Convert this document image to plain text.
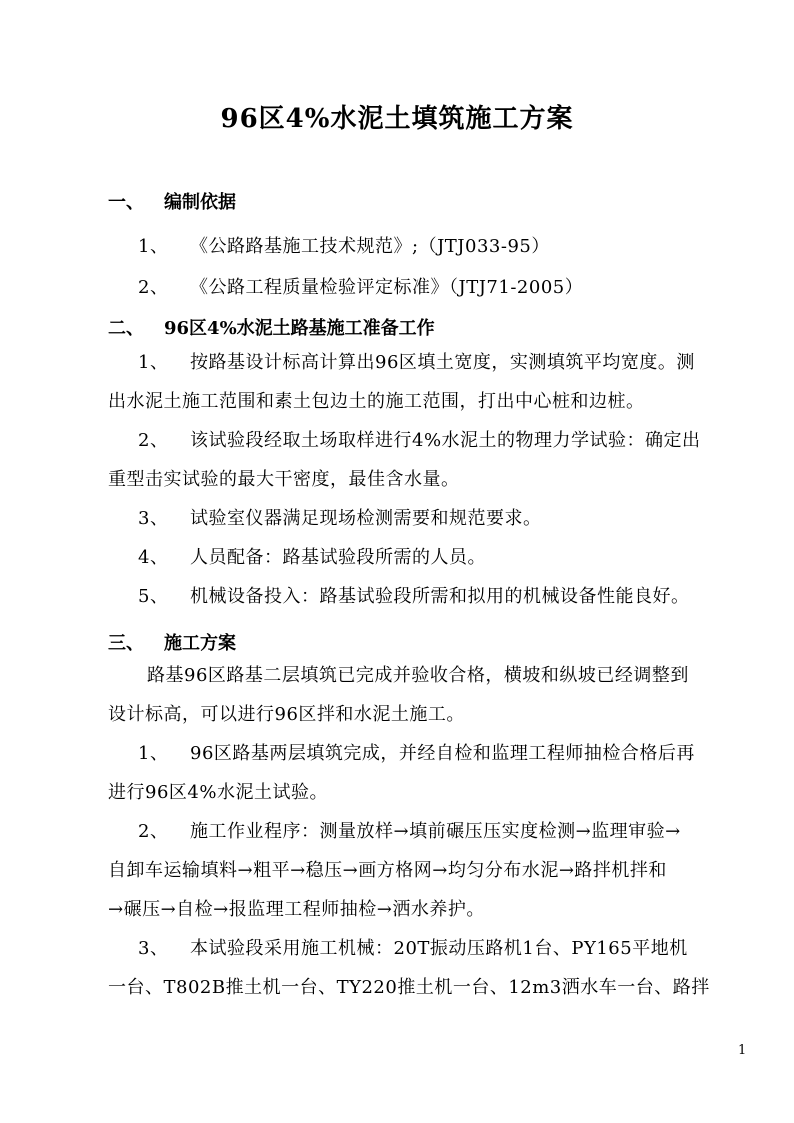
96区4%水泥土填筑施工方案
一、 编制依据
1、 《公路路基施工技术规范》;（JTJ033-95）
2、 《公路工程质量检验评定标准》（JTJ71-2005）
二、 96区4%水泥土路基施工准备工作
1、 按路基设计标高计算出96区填土宽度，实测填筑平均宽度。测
出水泥土施工范围和素土包边土的施工范围，打出中心桩和边桩。
2、 该试验段经取土场取样进行4%水泥土的物理力学试验：确定出
重型击实试验的最大干密度，最佳含水量。
3、 试验室仪器满足现场检测需要和规范要求。
4、 人员配备：路基试验段所需的人员。
5、 机械设备投入：路基试验段所需和拟用的机械设备性能良好。
三、 施工方案
路基96区路基二层填筑已完成并验收合格，横坡和纵坡已经调整到
设计标高，可以进行96区拌和水泥土施工。
1、 96区路基两层填筑完成，并经自检和监理工程师抽检合格后再
进行96区4%水泥土试验。
2、 施工作业程序：测量放样→填前碾压压实度检测→监理审验→
自卸车运输填料→粗平→稳压→画方格网→均匀分布水泥→路拌机拌和
→碾压→自检→报监理工程师抽检→洒水养护。
3、 本试验段采用施工机械：20T振动压路机1台、PY165平地机
一台、T802B推土机一台、TY220推土机一台、12m3洒水车一台、路拌
1
